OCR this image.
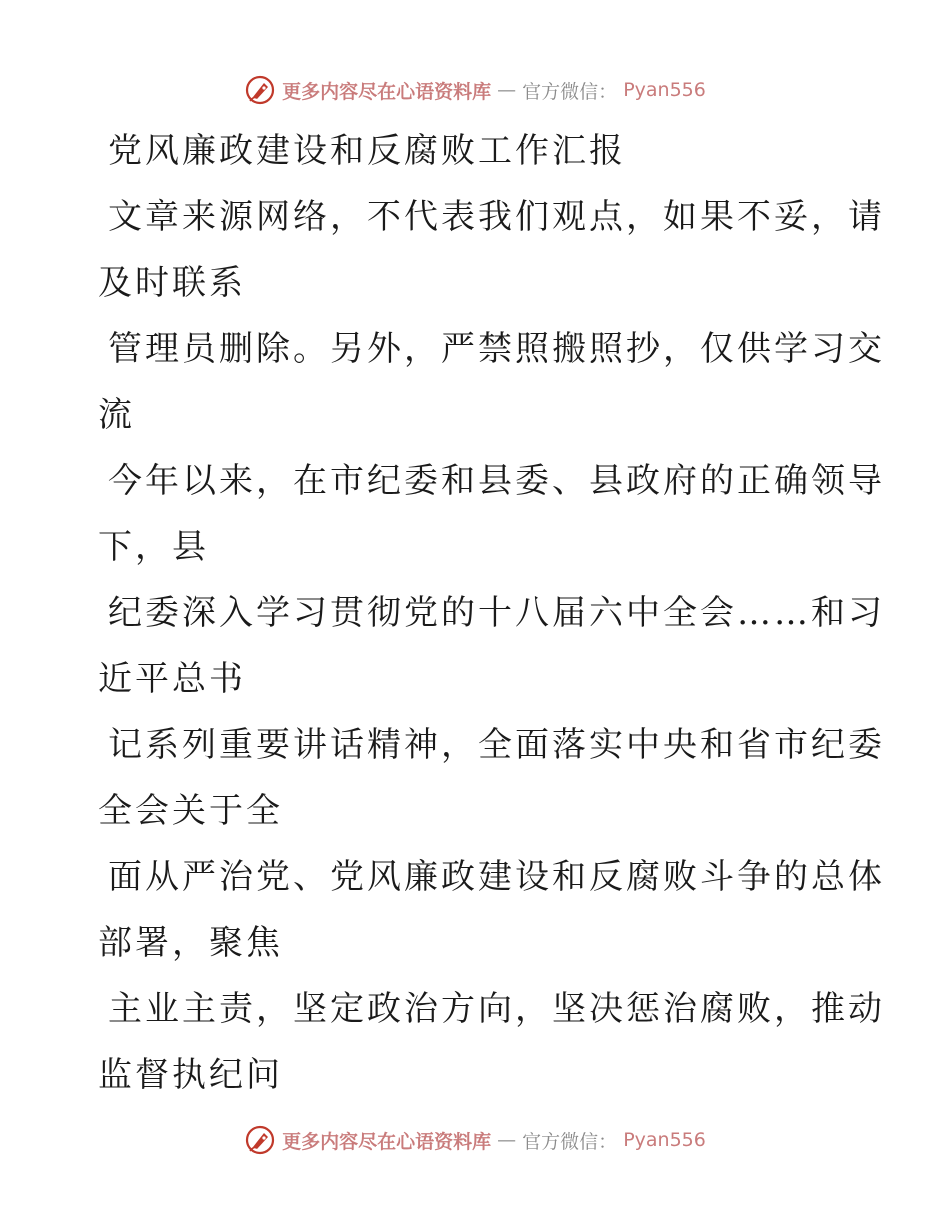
更多内容尽在心语资料库 — 官方微信： Pyan556
党风廉政建设和反腐败工作汇报
文章来源网络，不代表我们观点，如果不妥，请
及时联系
管理员删除。另外，严禁照搬照抄，仅供学习交
流
今年以来，在市纪委和县委、县政府的正确领导
下，县
纪委深入学习贯彻党的十八届六中全会……和习
近平总书
记系列重要讲话精神，全面落实中央和省市纪委
全会关于全
面从严治党、党风廉政建设和反腐败斗争的总体
部署，聚焦
主业主责，坚定政治方向，坚决惩治腐败，推动
监督执纪问
更多内容尽在心语资料库 — 官方微信： Pyan556
